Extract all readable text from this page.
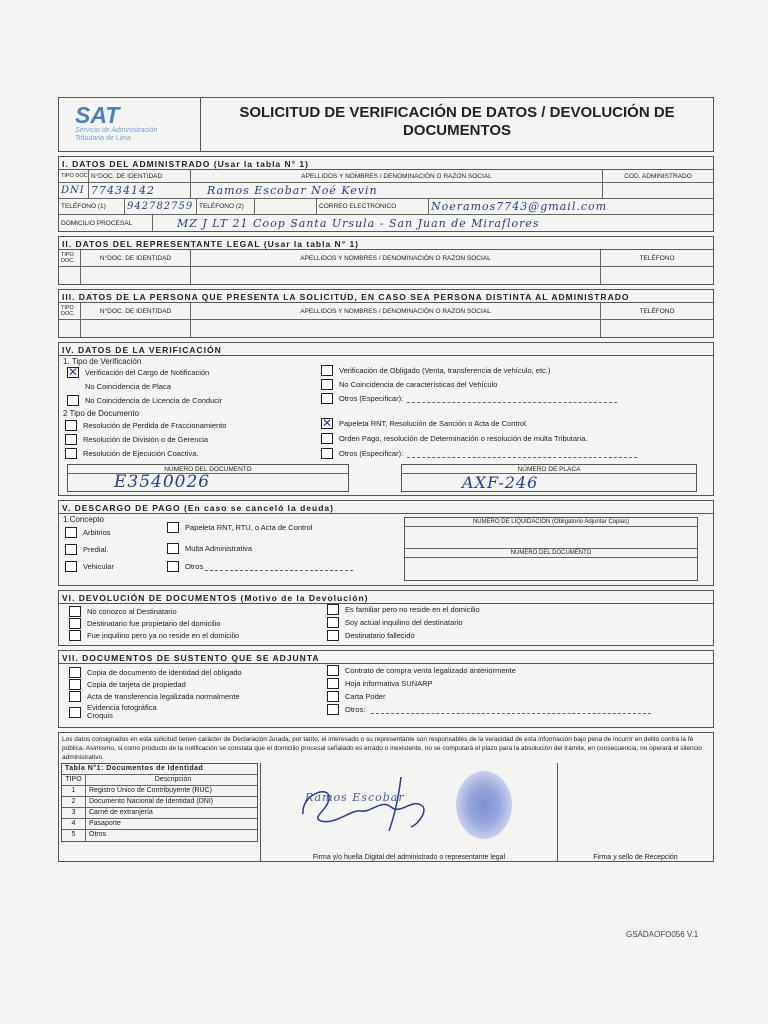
SAT
Servicio de Administración
Tributaria de Lima
SOLICITUD DE VERIFICACIÓN DE DATOS / DEVOLUCIÓN DE
DOCUMENTOS
I. DATOS DEL ADMINISTRADO (Usar la tabla N° 1)
TIPO DOC N°DOC. DE IDENTIDAD	APELLIDOS Y NOMBRES / DENOMINACIÓN O RAZON SOCIAL	COD. ADMINISTRADO
DNI 77434142	Ramos Escobar Noé Kevin
TELÉFONO (1)	942782759 TELÉFONO (2)	CORREO ELECTRONICO	Noeramos7743@gmail.com
DOMICILIO PROCESAL	MZ J LT 21 Coop Santa Ursula - San Juan de Miraflores
II. DATOS DEL REPRESENTANTE LEGAL (Usar la tabla N° 1)
TIPO DOC.	N°DOC. DE IDENTIDAD	APELLIDOS Y NOMBRES / DENOMINACIÓN O RAZON SOCIAL	TELÉFONO
III. DATOS DE LA PERSONA QUE PRESENTA LA SOLICITUD, EN CASO SEA PERSONA DISTINTA AL ADMINISTRADO
TIPO DOC.	N°DOC. DE IDENTIDAD	APELLIDOS Y NOMBRES / DENOMINACIÓN O RAZON SOCIAL	TELÉFONO
IV. DATOS DE LA VERIFICACIÓN
1. Tipo de Verificación
✕
Verificación del Cargo de Notificación
No Coincidencia de Placa
No Coincidencia de Licencia de Conducir
Verificación de Obligado (Venta, transferencia de vehículo, etc.)
No Coincidencia de características del Vehículo
Otros (Especificar):
2 Tipo de Documento
Resolución de Perdida de Fraccionamiento
Resolución de División o de Gerencia
Resolución de Ejecución Coactiva.
✕
Papeleta RNT, Resolución de Sanción o Acta de Control.
Orden Pago, resolución de Determinación o resolución de multa Tributaria.
Otros (Especificar):
NÚMERO DEL DOCUMENTO
E3540026
NÚMERO DE PLACA
AXF-246
V. DESCARGO DE PAGO (En caso se canceló la deuda)
1.Concepto
Arbitrios
Predial.
Vehicular
Papeleta RNT, RTU, o Acta de Control
Multa Administrativa
Otros
NÚMERO DE LIQUIDACIÓN (Obligatorio Adjuntar Copias)
NÚMERO DEL DOCUMENTO
VI. DEVOLUCIÓN DE DOCUMENTOS (Motivo de la Devolución)
No conozco al Destinatario
Destinatario fue propietario del domicilio
Fue inquilino pero ya no reside en el domicilio
Es familiar pero no reside en el domicilio
Soy actual inquilino del destinatario
Destinatario fallecido
VII. DOCUMENTOS DE SUSTENTO QUE SE ADJUNTA
Copia de documento de identidad del obligado
Copia de tarjeta de propiedad
Acta de transferencia legalizada normalmente
Evidencia fotográfica
Croquis
Contrato de compra venta legalizado anteriormente
Hoja informativa SUNARP
Carta Poder
Otros:
Los datos consignados en esta solicitud tienen carácter de Declaración Jurada, por tanto, el interesado o su representante son responsables de la veracidad de esta información bajo pena de incurrir en delito contra la fé pública. Asimismo, si como producto de la notificación se constata que el domicilio procesal señalado es errado o inexistente, no se computará el plazo para la absolución del trámite, en consecuencia, no operará el silencio administrativo.
Tabla N°1: Documentos de Identidad
TIPO	Descripción
1	Registro Único de Contribuyente (RUC)
2	Documento Nacional de Identidad (DNI)
3	Carné de extranjería
4	Pasaporte
5	Otros
Ramos Escobar
Firma y/o huella Digital del administrado o representante legal	Firma y sello de Recepción
GSADAOFO056 V.1
